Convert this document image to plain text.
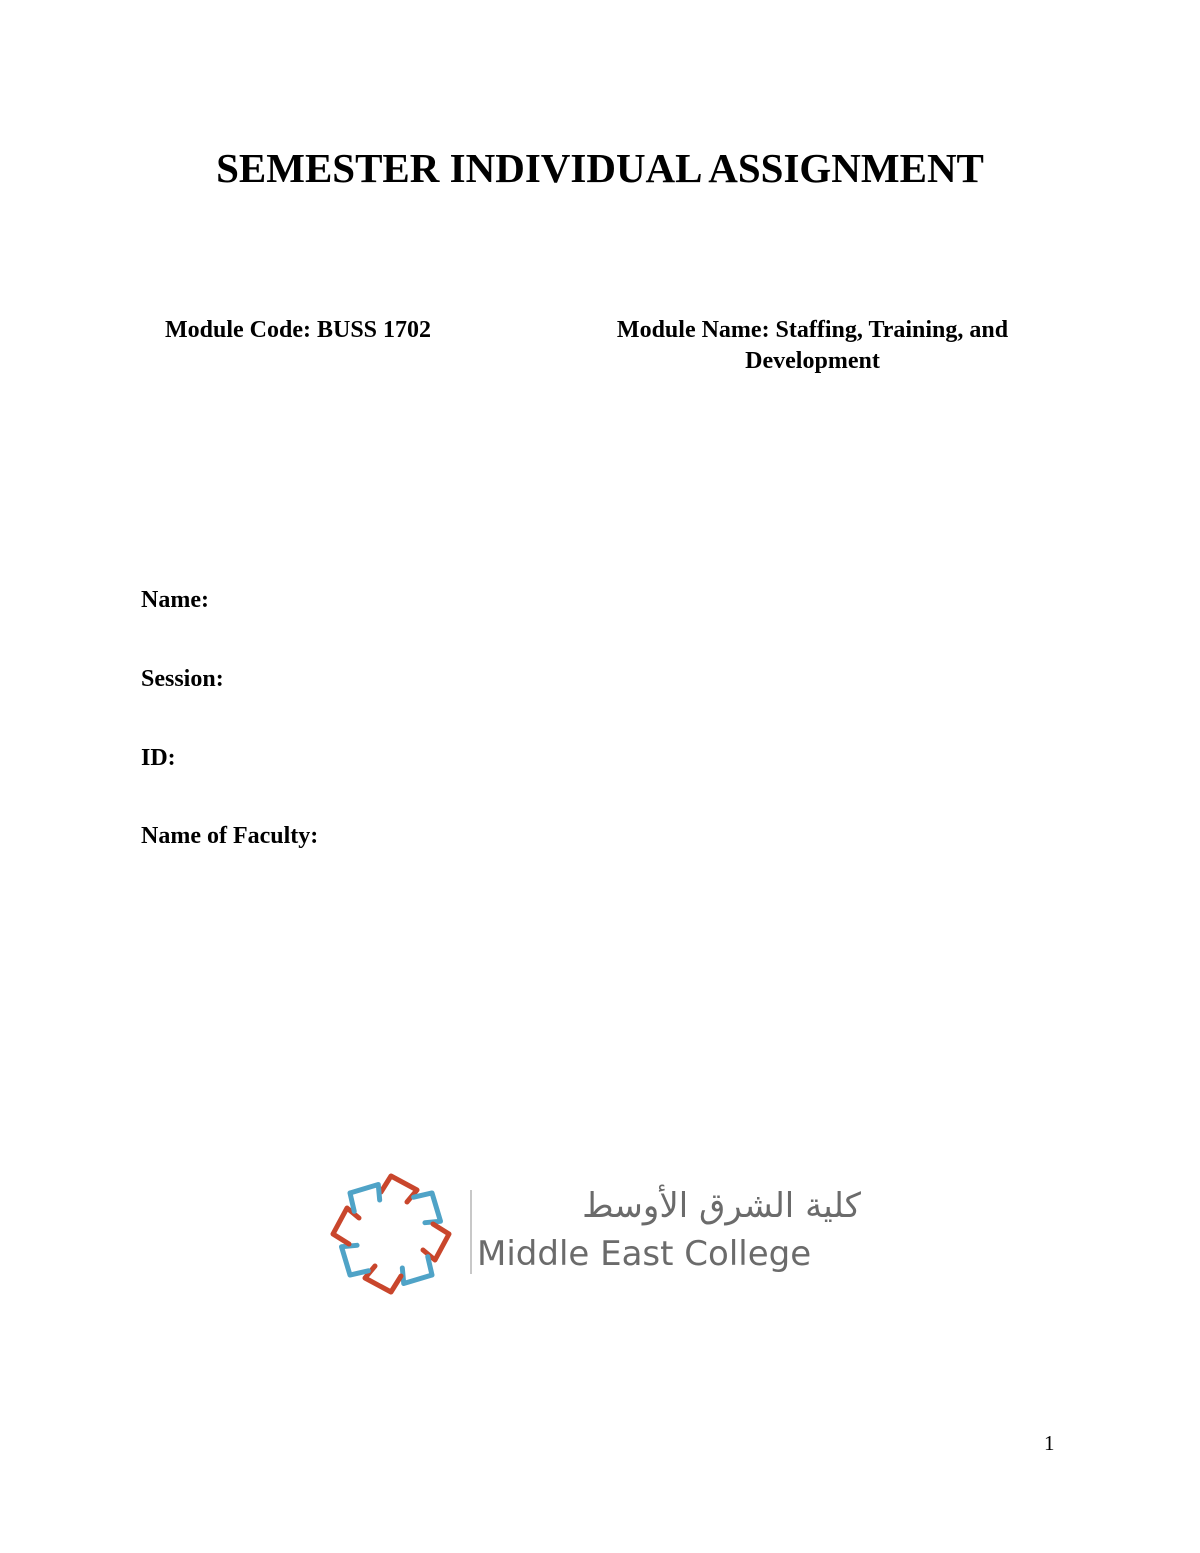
SEMESTER INDIVIDUAL ASSIGNMENT
Module Code: BUSS 1702	Module Name: Staffing, Training, and Development
Name:
Session:
ID:
Name of Faculty:
كلية الشرق الأوسط
Middle East College
1
